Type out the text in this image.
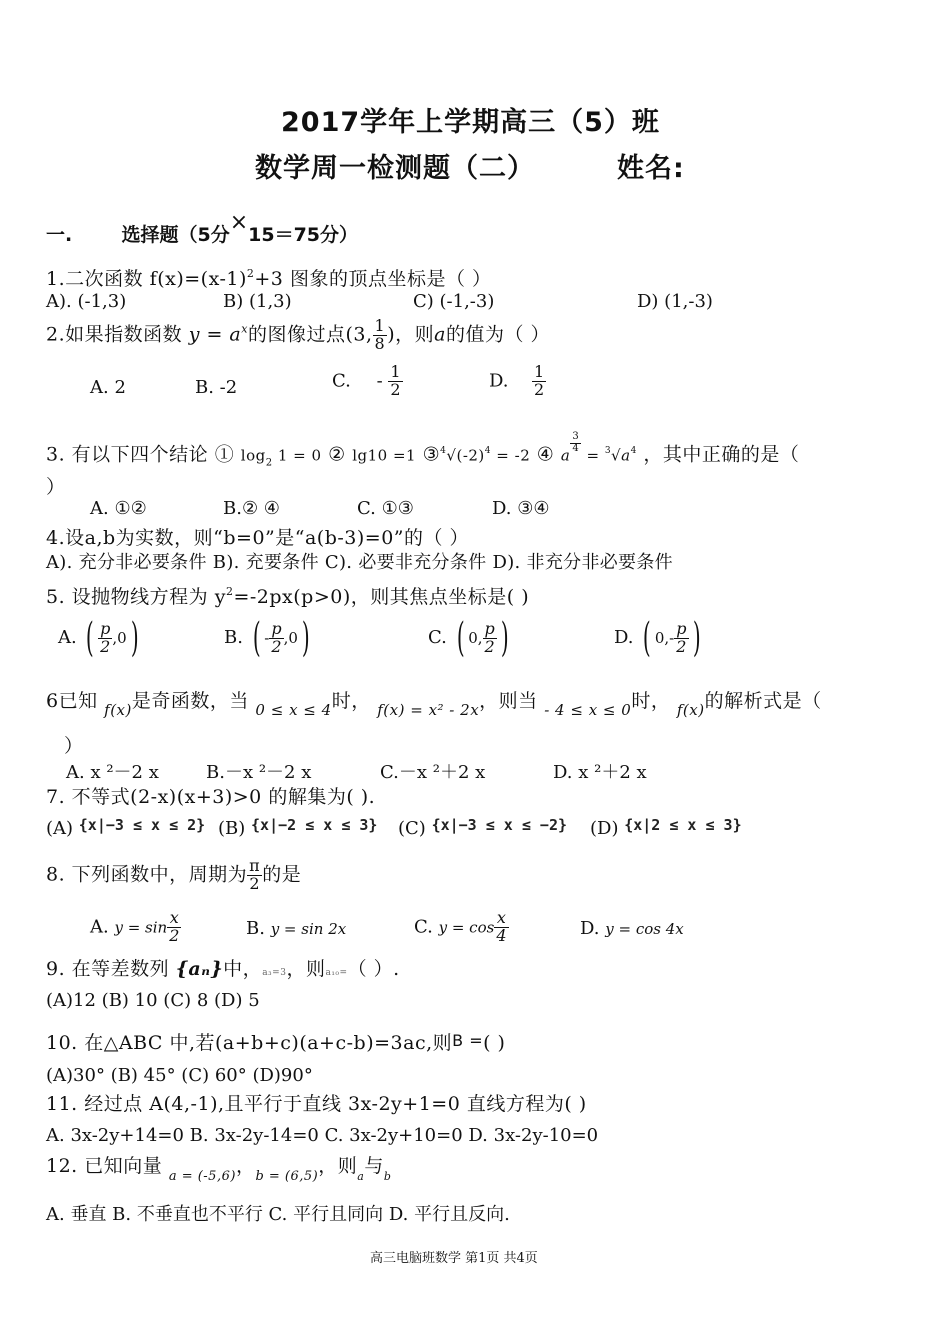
2017学年上学期高三（5）班
数学周一检测题（二）	姓名:
一.	选择题（5分×15＝75分）
1.二次函数 $f(x)=(x-1)^2+3$ 图象的顶点坐标是（ ）
A). (-1,3)	B) (1,3)	C) (-1,-3)	D) (1,-3)
2.如果指数函数 $y = a^x$的图像过点(3, $\frac{1}{8}$ )，则a的值为（ ）
A. 2	B. -2	C. - $\frac{1}{2}$	D. $\frac{1}{2}$
3. 有以下四个结论 ① $\log_2 1 = 0$ ② lg10 =1 $③^4√(-2)^4 = -2$ ④ a
$\frac{3}{4}$
= $^3√a^4$ ，其中正确的是（
）
A. ①②	B.② ④	C. ①③	D. ③④
4.设a,b为实数，则“b=0”是“a(b-3)=0”的（ ）
A). 充分非必要条件 B). 充要条件 C). 必要非充分条件 D). 非充分非必要条件
5. 设抛物线方程为 $y^2=-2px(p>0)$，则其焦点坐标是( )
A. ( $\frac{p}{2} ,0$)	B. ( - $\frac{p}{2} ,0$)	C. ( 0, $\frac{p}{2}$ )	D. ( $0,- \frac{p}{2}$ )
6已知 $_{f(x)}$是奇函数，当 $_{0 \le x \le 4}$时， $_{f(x) = x^2 - 2x}$，则当 $_{- 4 \le x \le 0}$时， $_{f(x)}$的解析式是（
）
A. x ²－2 x	B.－x ²－2 x	C.－x ²＋2 x	D. x ²＋2 x
7. 不等式(2-x)(x+3)>0 的解集为( ).
(A) $^{\{x|-3 \le x \le 2\}}$ (B) $^{\{x|-2 \le x \le 3\}}$ (C) $^{\{x|-3 \le x \le -2\}}$ (D) $^{\{x|2 \le x \le 3\}}$
8. 下列函数中，周期为 $\frac{\pi}{2}$ 的是
A. $y = \sin \frac{x}{2}$	B. y = sin 2x	C. $y = \cos \frac{x}{4}$	D. y = cos 4x
9. 在等差数列 {aₙ}中，a₃=3，则a₁₀=（ ）.
(A)12 (B) 10 (C) 8 (D) 5
10. 在△ABC 中,若(a+b+c)(a+c-b)=3ac,则B =( )
(A)30° (B) 45° (C) 60° (D)90°
11. 经过点 A(4,-1),且平行于直线 3x-2y+1=0 直线方程为( )
A. 3x-2y+14=0 B. 3x-2y-14=0 C. 3x-2y+10=0 D. 3x-2y-10=0
12. 已知向量 $_{a = (-5,6)}$，$_{b = (6,5)}$，则$_a$与$_b$
A. 垂直 B. 不垂直也不平行 C. 平行且同向 D. 平行且反向.
高三电脑班数学 第1页 共4页
